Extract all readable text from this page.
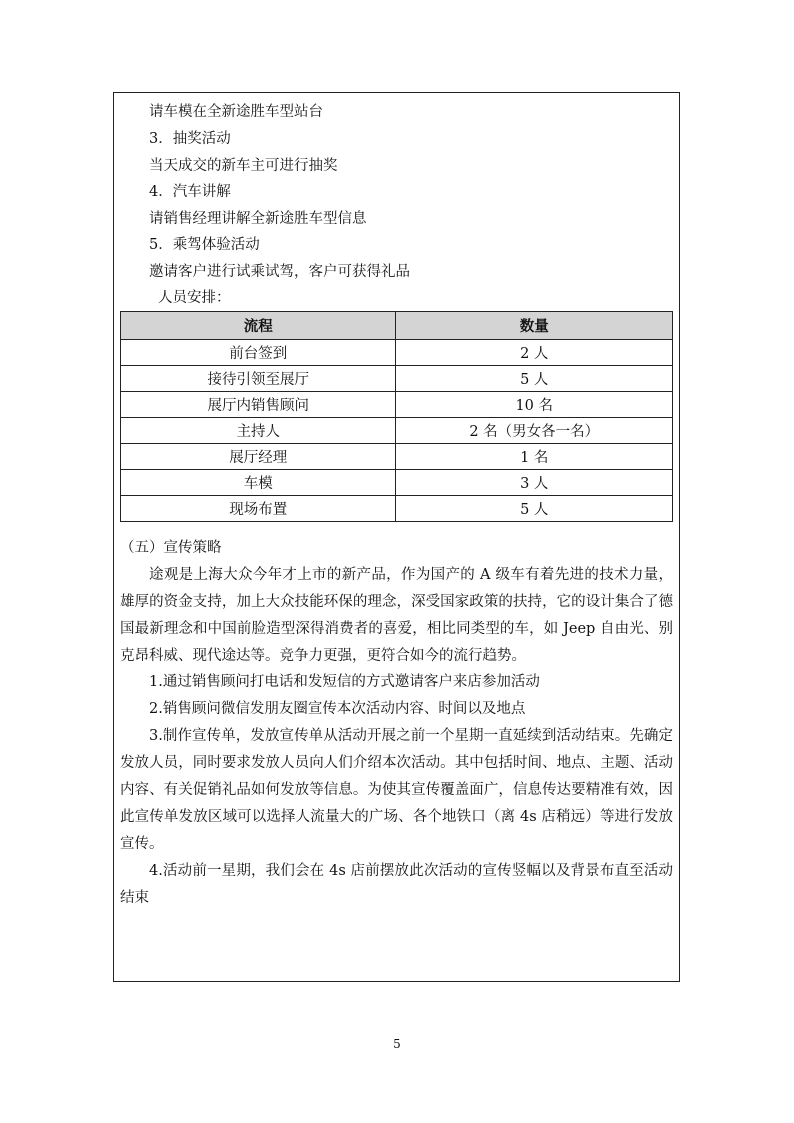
请车模在全新途胜车型站台
3．抽奖活动
当天成交的新车主可进行抽奖
4．汽车讲解
请销售经理讲解全新途胜车型信息
5．乘驾体验活动
邀请客户进行试乘试驾，客户可获得礼品
人员安排：
流程	数量
前台签到	2 人
接待引领至展厅	5 人
展厅内销售顾问	10 名
主持人	2 名（男女各一名）
展厅经理	1 名
车模	3 人
现场布置	5 人
（五）宣传策略
途观是上海大众今年才上市的新产品，作为国产的 A 级车有着先进的技术力量，雄厚的资金支持，加上大众技能环保的理念，深受国家政策的扶持，它的设计集合了德国最新理念和中国前脸造型深得消费者的喜爱，相比同类型的车，如 Jeep 自由光、别克昂科威、现代途达等。竞争力更强，更符合如今的流行趋势。
1.通过销售顾问打电话和发短信的方式邀请客户来店参加活动
2.销售顾问微信发朋友圈宣传本次活动内容、时间以及地点
3.制作宣传单，发放宣传单从活动开展之前一个星期一直延续到活动结束。先确定发放人员，同时要求发放人员向人们介绍本次活动。其中包括时间、地点、主题、活动内容、有关促销礼品如何发放等信息。为使其宣传覆盖面广，信息传达要精准有效，因此宣传单发放区域可以选择人流量大的广场、各个地铁口（离 4s 店稍远）等进行发放宣传。
4.活动前一星期，我们会在 4s 店前摆放此次活动的宣传竖幅以及背景布直至活动结束
5
